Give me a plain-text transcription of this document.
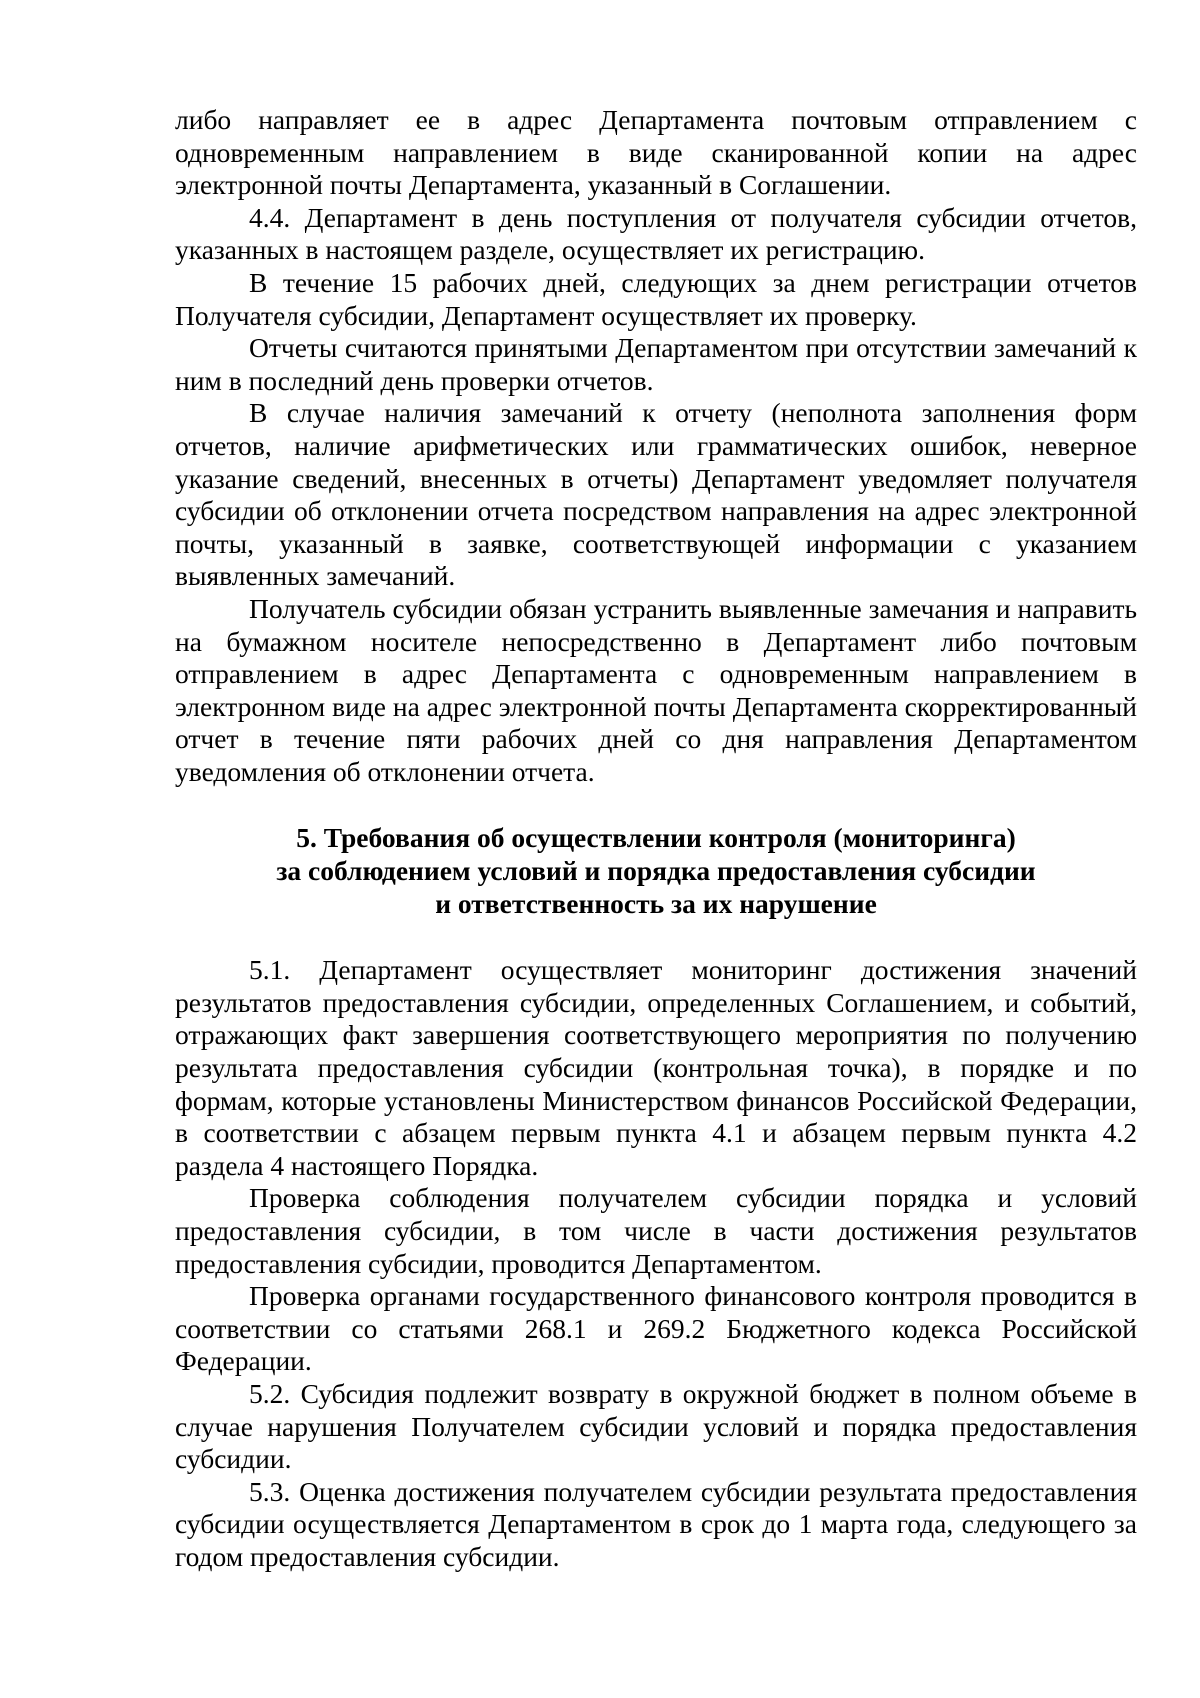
либо направляет ее в адрес Департамента почтовым отправлением с одновременным направлением в виде сканированной копии на адрес электронной почты Департамента, указанный в Соглашении.

4.4. Департамент в день поступления от получателя субсидии отчетов, указанных в настоящем разделе, осуществляет их регистрацию.

В течение 15 рабочих дней, следующих за днем регистрации отчетов Получателя субсидии, Департамент осуществляет их проверку.

Отчеты считаются принятыми Департаментом при отсутствии замечаний к ним в последний день проверки отчетов.

В случае наличия замечаний к отчету (неполнота заполнения форм отчетов, наличие арифметических или грамматических ошибок, неверное указание сведений, внесенных в отчеты) Департамент уведомляет получателя субсидии об отклонении отчета посредством направления на адрес электронной почты, указанный в заявке, соответствующей информации с указанием выявленных замечаний.

Получатель субсидии обязан устранить выявленные замечания и направить на бумажном носителе непосредственно в Департамент либо почтовым отправлением в адрес Департамента с одновременным направлением в электронном виде на адрес электронной почты Департамента скорректированный отчет в течение пяти рабочих дней со дня направления Департаментом уведомления об отклонении отчета.

5. Требования об осуществлении контроля (мониторинга)
за соблюдением условий и порядка предоставления субсидии
и ответственность за их нарушение

5.1. Департамент осуществляет мониторинг достижения значений результатов предоставления субсидии, определенных Соглашением, и событий, отражающих факт завершения соответствующего мероприятия по получению результата предоставления субсидии (контрольная точка), в порядке и по формам, которые установлены Министерством финансов Российской Федерации, в соответствии с абзацем первым пункта 4.1 и абзацем первым пункта 4.2 раздела 4 настоящего Порядка.

Проверка соблюдения получателем субсидии порядка и условий предоставления субсидии, в том числе в части достижения результатов предоставления субсидии, проводится Департаментом.

Проверка органами государственного финансового контроля проводится в соответствии со статьями 268.1 и 269.2 Бюджетного кодекса Российской Федерации.

5.2. Субсидия подлежит возврату в окружной бюджет в полном объеме в случае нарушения Получателем субсидии условий и порядка предоставления субсидии.

5.3. Оценка достижения получателем субсидии результата предоставления субсидии осуществляется Департаментом в срок до 1 марта года, следующего за годом предоставления субсидии.
